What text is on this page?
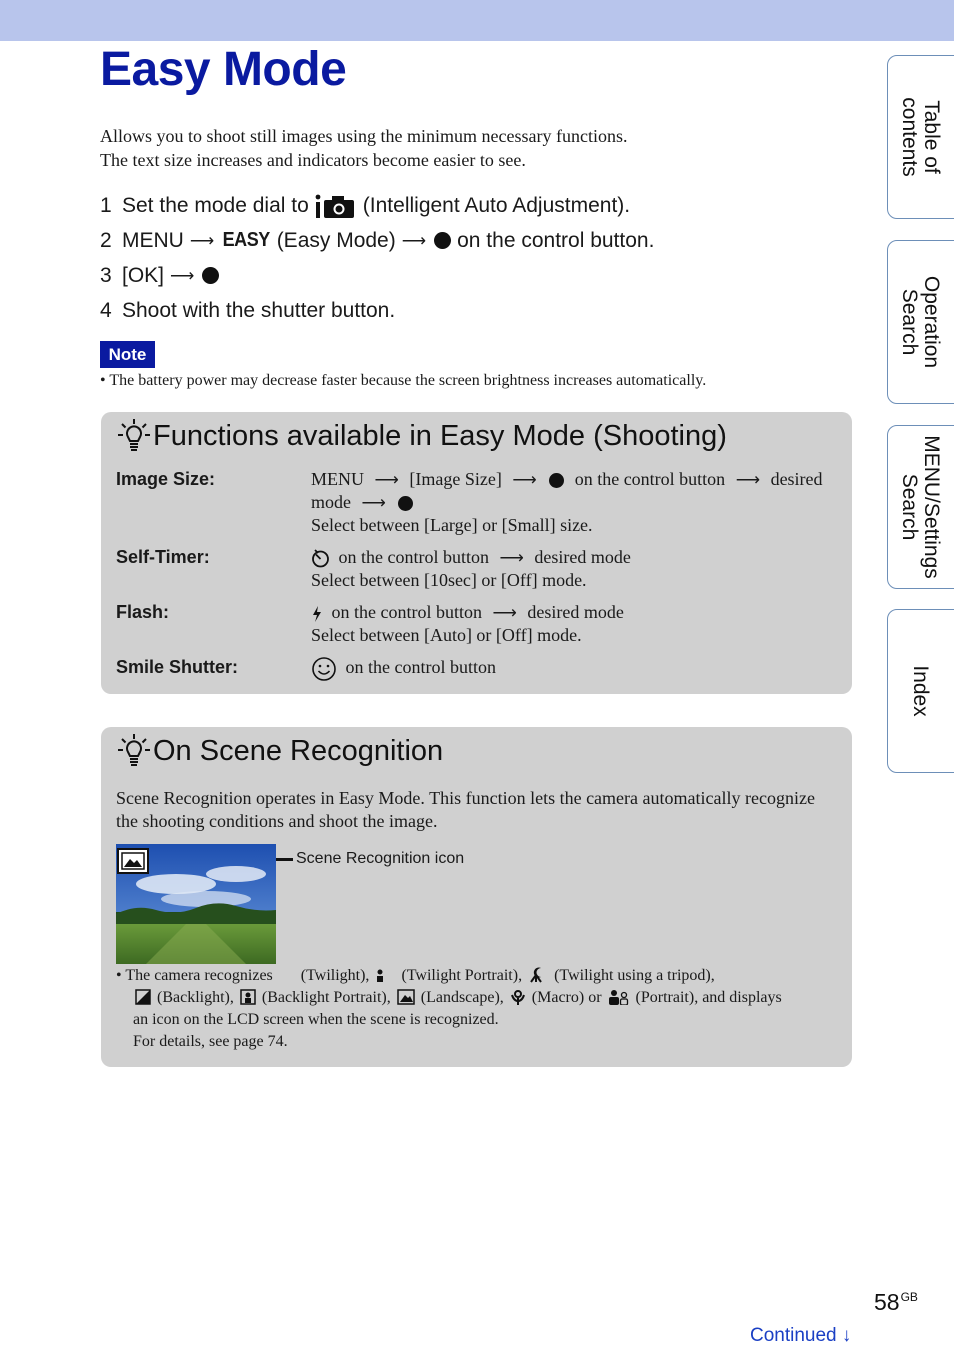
Easy Mode
Allows you to shoot still images using the minimum necessary functions.
The text size increases and indicators become easier to see.
1 Set the mode dial to	(Intelligent Auto Adjustment).
2 MENU ⟶ EASY (Easy Mode) ⟶ on the control button.
3 [OK] ⟶
4 Shoot with the shutter button.
Note
• The battery power may decrease faster because the screen brightness increases automatically.
Functions available in Easy Mode (Shooting)
Image Size:	MENU ⟶ [Image Size] ⟶ on the control button ⟶ desired
mode ⟶
Select between [Large] or [Small] size.
Self-Timer:	on the control button ⟶ desired mode
Select between [10sec] or [Off] mode.
Flash:	on the control button ⟶ desired mode
Select between [Auto] or [Off] mode.
Smile Shutter:	on the control button
On Scene Recognition
Scene Recognition operates in Easy Mode. This function lets the camera automatically recognize the shooting conditions and shoot the image.
Scene Recognition icon
• The camera recognizes (Twilight), (Twilight Portrait), (Twilight using a tripod),
(Backlight), (Backlight Portrait), (Landscape), (Macro) or (Portrait), and displays
an icon on the LCD screen when the scene is recognized.
For details, see page 74.
Table of
contents
Operation
Search
MENU/Settings
Search
Index
$58^{GB}$
Continued ↓
